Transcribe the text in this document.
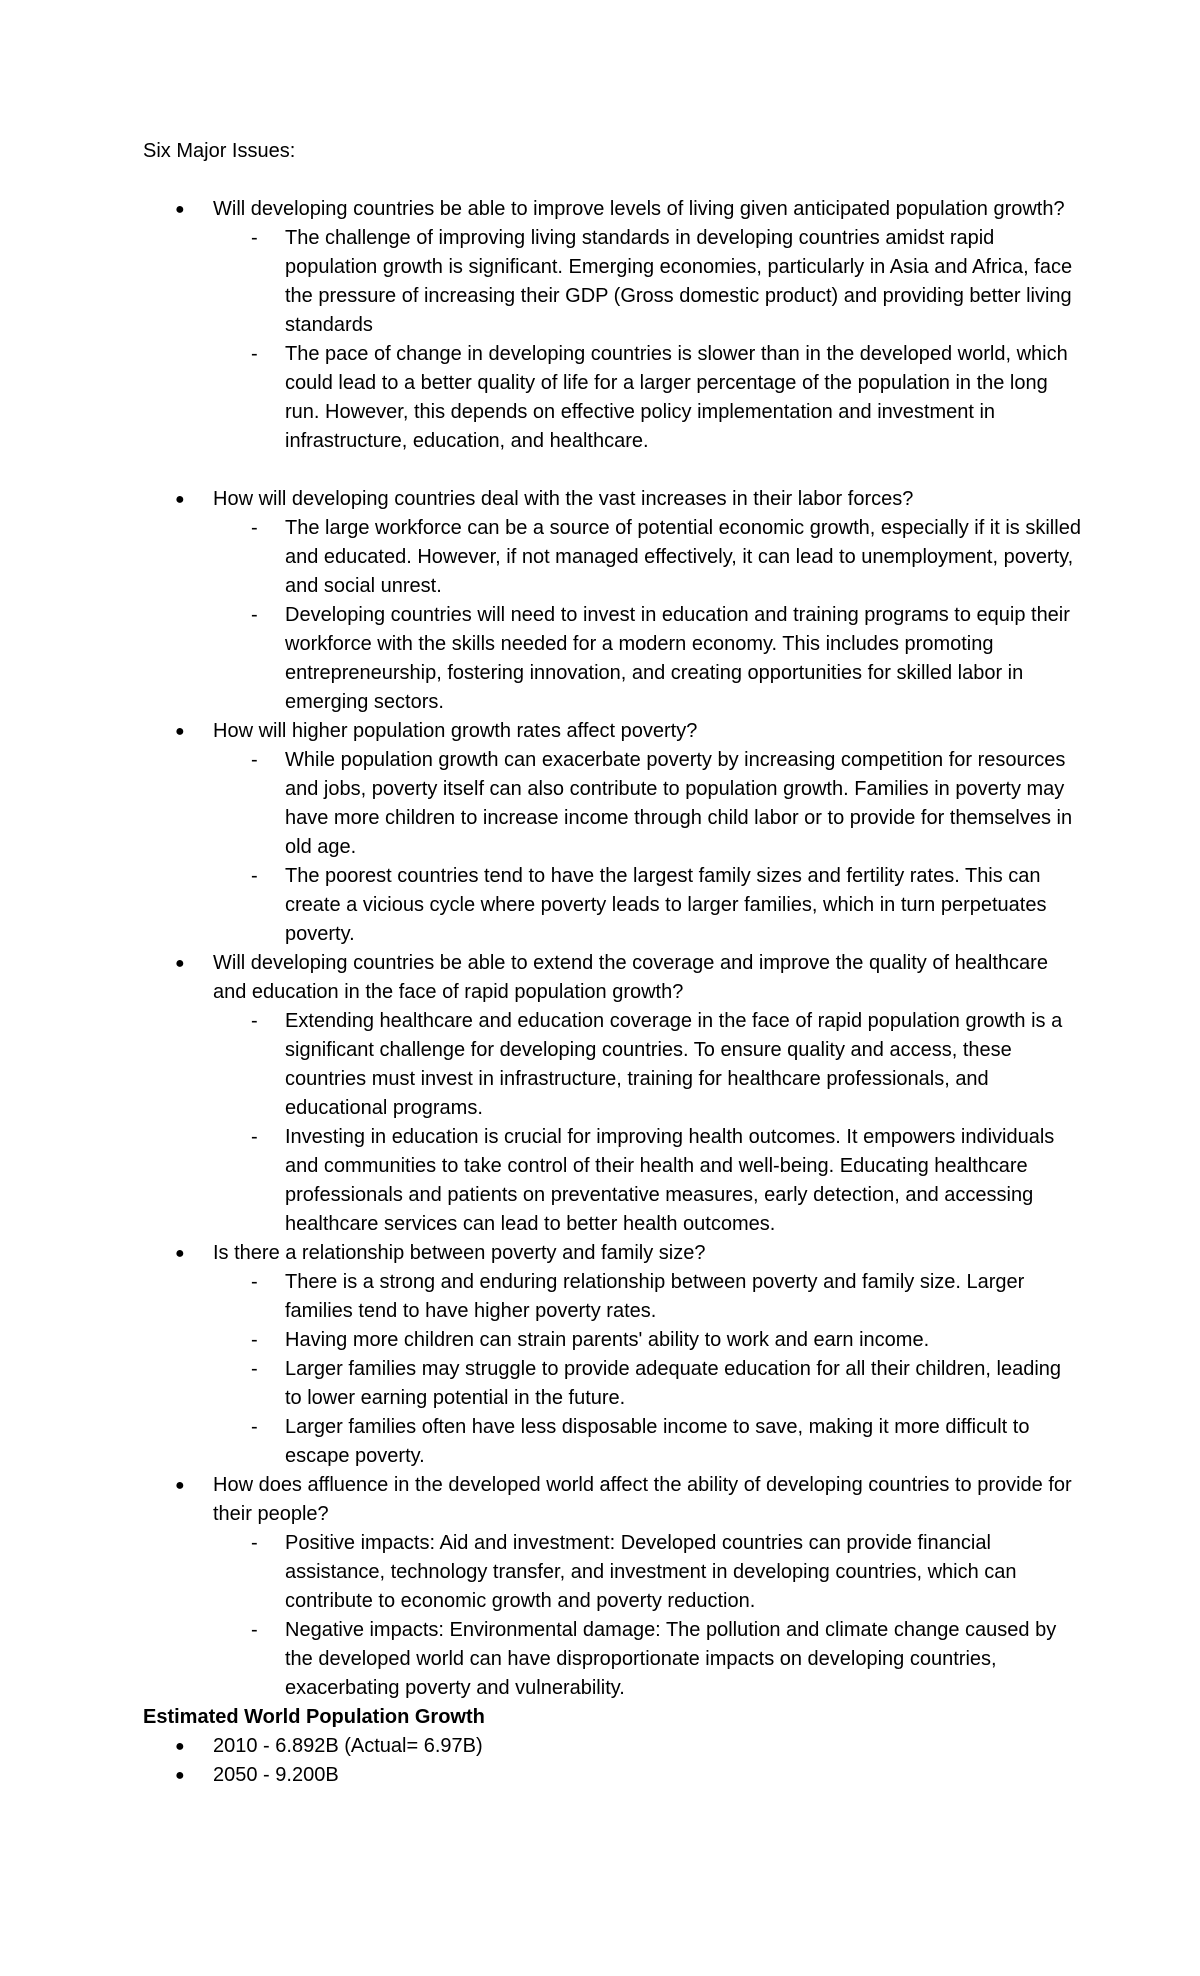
Six Major Issues:

● Will developing countries be able to improve levels of living given anticipated population growth?
- The challenge of improving living standards in developing countries amidst rapid population growth is significant. Emerging economies, particularly in Asia and Africa, face the pressure of increasing their GDP (Gross domestic product) and providing better living standards
- The pace of change in developing countries is slower than in the developed world, which could lead to a better quality of life for a larger percentage of the population in the long run. However, this depends on effective policy implementation and investment in infrastructure, education, and healthcare.
● How will developing countries deal with the vast increases in their labor forces?
- The large workforce can be a source of potential economic growth, especially if it is skilled and educated. However, if not managed effectively, it can lead to unemployment, poverty, and social unrest.
- Developing countries will need to invest in education and training programs to equip their workforce with the skills needed for a modern economy. This includes promoting entrepreneurship, fostering innovation, and creating opportunities for skilled labor in emerging sectors.
● How will higher population growth rates affect poverty?
- While population growth can exacerbate poverty by increasing competition for resources and jobs, poverty itself can also contribute to population growth. Families in poverty may have more children to increase income through child labor or to provide for themselves in old age.
- The poorest countries tend to have the largest family sizes and fertility rates. This can create a vicious cycle where poverty leads to larger families, which in turn perpetuates poverty.
● Will developing countries be able to extend the coverage and improve the quality of healthcare and education in the face of rapid population growth?
- Extending healthcare and education coverage in the face of rapid population growth is a significant challenge for developing countries. To ensure quality and access, these countries must invest in infrastructure, training for healthcare professionals, and educational programs.
- Investing in education is crucial for improving health outcomes. It empowers individuals and communities to take control of their health and well-being. Educating healthcare professionals and patients on preventative measures, early detection, and accessing healthcare services can lead to better health outcomes.
● Is there a relationship between poverty and family size?
- There is a strong and enduring relationship between poverty and family size. Larger families tend to have higher poverty rates.
- Having more children can strain parents' ability to work and earn income.
- Larger families may struggle to provide adequate education for all their children, leading to lower earning potential in the future.
- Larger families often have less disposable income to save, making it more difficult to escape poverty.
● How does affluence in the developed world affect the ability of developing countries to provide for their people?
- Positive impacts: Aid and investment: Developed countries can provide financial assistance, technology transfer, and investment in developing countries, which can contribute to economic growth and poverty reduction.
- Negative impacts: Environmental damage: The pollution and climate change caused by the developed world can have disproportionate impacts on developing countries, exacerbating poverty and vulnerability.

Estimated World Population Growth

● 2010 - 6.892B (Actual= 6.97B)
● 2050 - 9.200B
